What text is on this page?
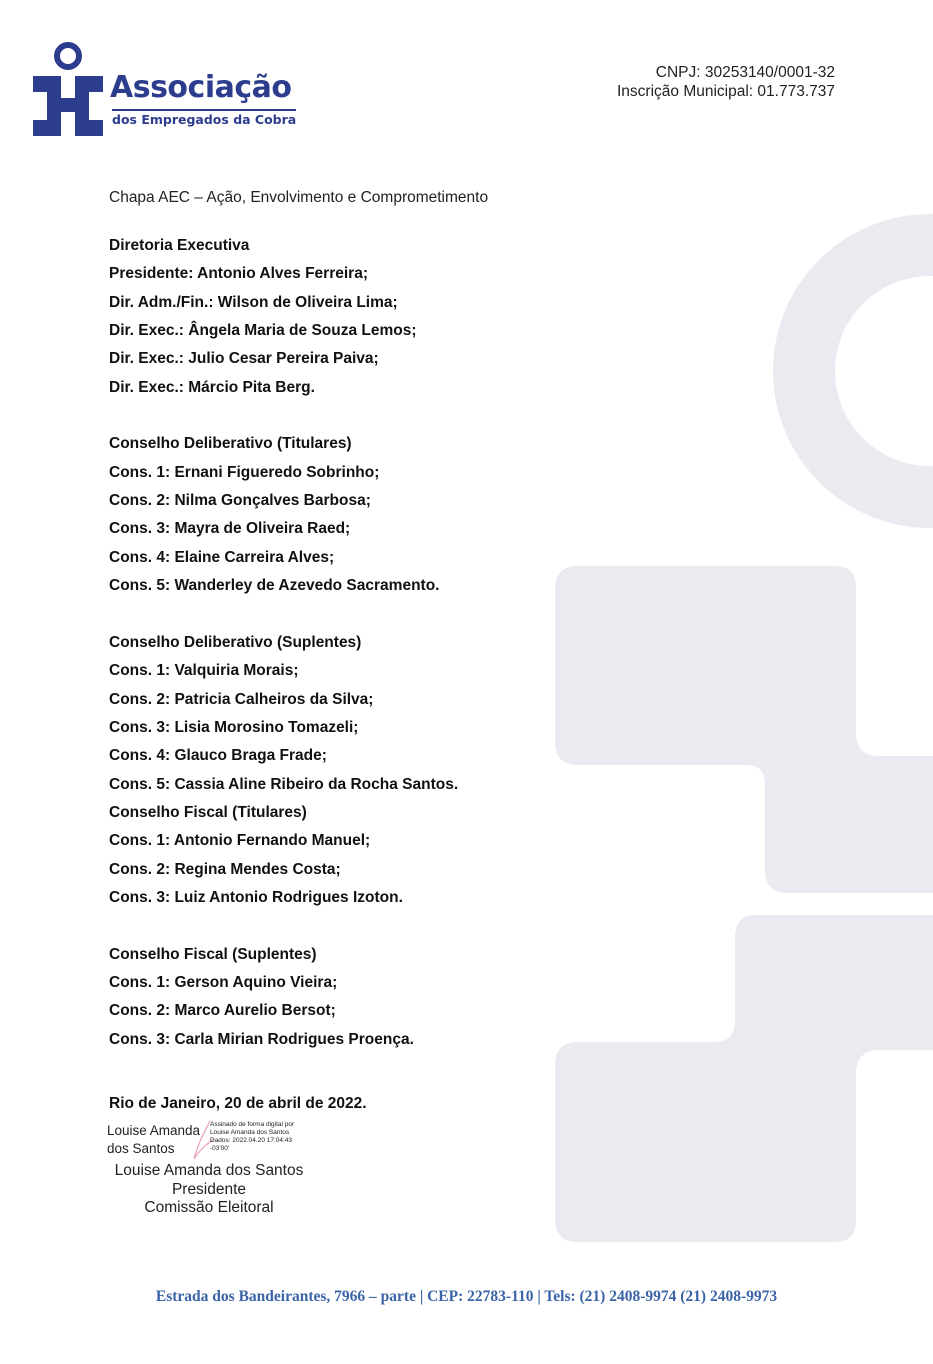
Associação
dos Empregados da Cobra
CNPJ: 30253140/0001-32
Inscrição Municipal: 01.773.737
Chapa AEC – Ação, Envolvimento e Comprometimento
Diretoria Executiva
Presidente: Antonio Alves Ferreira;
Dir. Adm./Fin.: Wilson de Oliveira Lima;
Dir. Exec.: Ângela Maria de Souza Lemos;
Dir. Exec.: Julio Cesar Pereira Paiva;
Dir. Exec.: Márcio Pita Berg.
Conselho Deliberativo (Titulares)
Cons. 1: Ernani Figueredo Sobrinho;
Cons. 2: Nilma Gonçalves Barbosa;
Cons. 3: Mayra de Oliveira Raed;
Cons. 4: Elaine Carreira Alves;
Cons. 5: Wanderley de Azevedo Sacramento.
Conselho Deliberativo (Suplentes)
Cons. 1: Valquiria Morais;
Cons. 2: Patricia Calheiros da Silva;
Cons. 3: Lisia Morosino Tomazeli;
Cons. 4: Glauco Braga Frade;
Cons. 5: Cassia Aline Ribeiro da Rocha Santos.
Conselho Fiscal (Titulares)
Cons. 1: Antonio Fernando Manuel;
Cons. 2: Regina Mendes Costa;
Cons. 3: Luiz Antonio Rodrigues Izoton.
Conselho Fiscal (Suplentes)
Cons. 1: Gerson Aquino Vieira;
Cons. 2: Marco Aurelio Bersot;
Cons. 3: Carla Mirian Rodrigues Proença.
Rio de Janeiro, 20 de abril de 2022.
Louise Amanda
dos Santos
Assinado de forma digital por
Louise Amanda dos Santos
Dados: 2022.04.20 17:04:43
-03'00'
Louise Amanda dos Santos
Presidente
Comissão Eleitoral
Estrada dos Bandeirantes, 7966 – parte | CEP: 22783-110 | Tels: (21) 2408-9974 (21) 2408-9973
